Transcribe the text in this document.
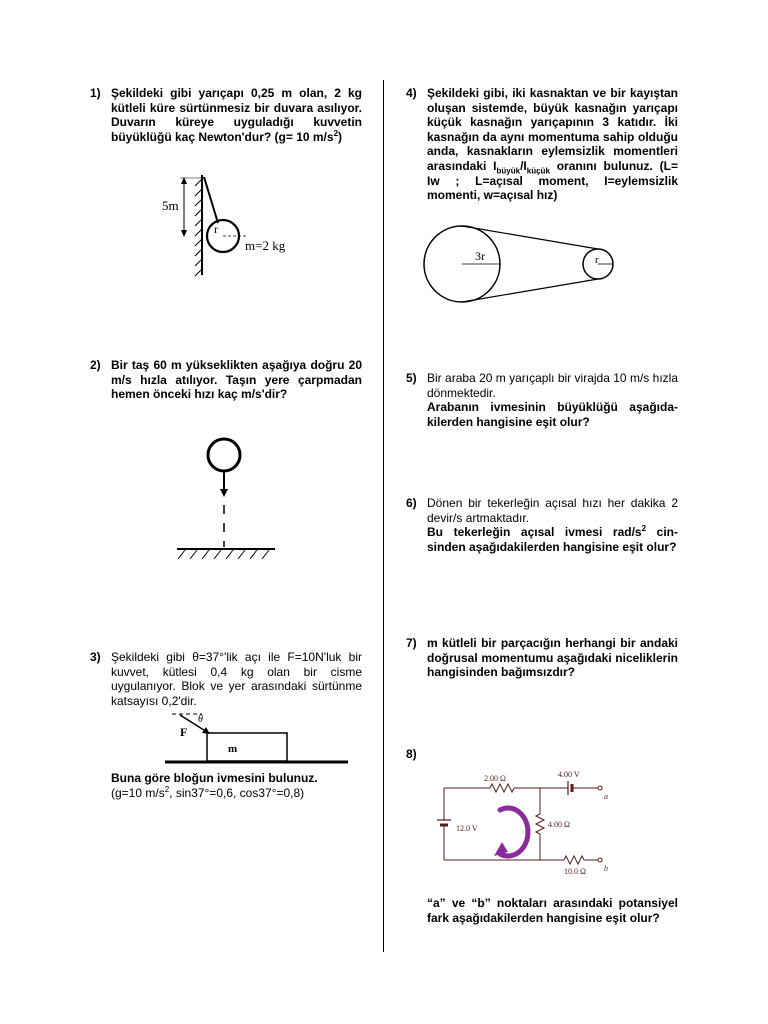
1) Şekildeki gibi yarıçapı 0,25 m olan, 2 kg kütleli küre sürtünmesiz bir duvara asılıyor. Duvarın küreye uyguladığı kuvvetin büyüklüğü kaç Newton'dur? (g= 10 $m/s^2$)
5m
r
m=2 kg
2) Bir taş 60 m yükseklikten aşağıya doğru 20 m/s hızla atılıyor. Taşın yere çarpmadan hemen önceki hızı kaç m/s'dir?
3) Şekildeki gibi θ=37°'lik açı ile F=10N'luk bir kuvvet, kütlesi 0,4 kg olan bir cisme uygulanıyor. Blok ve yer arasındaki sürtünme katsayısı 0,2'dir.
θ
F
m
Buna göre bloğun ivmesini bulunuz.
(g=10 $m/s^2$, sin37°=0,6, cos37°=0,8)
4) Şekildeki gibi, iki kasnaktan ve bir kayıştan oluşan sistemde, büyük kasnağın yarıçapı küçük kasnağın yarıçapının 3 katıdır. İki kasnağın da aynı momentuma sahip olduğu anda, kasnakların eylemsizlik momentleri arasındaki $I_{büyük}/I_{küçük}$ oranını bulunuz. (L= Iw ; L=açısal moment, I=eylemsizlik momenti, w=açısal hız)
3r	r
5) Bir araba 20 m yarıçaplı bir virajda 10 m/s hızla dönmektedir.
Arabanın ivmesinin büyüklüğü aşağıda-kilerden hangisine eşit olur?
6) Dönen bir tekerleğin açısal hızı her dakika 2 devir/s artmaktadır.
Bu tekerleğin açısal ivmesi rad/$s^2$ cin-sinden aşağıdakilerden hangisine eşit olur?
7) m kütleli bir parçacığın herhangi bir andaki doğrusal momentumu aşağıdaki niceliklerin hangisinden bağımsızdır?
8)
2.00 Ω	4.00 V
4.00 Ω
12.0 V
10.0 Ω
a
b
“a” ve “b” noktaları arasındaki potansiyel fark aşağıdakilerden hangisine eşit olur?
